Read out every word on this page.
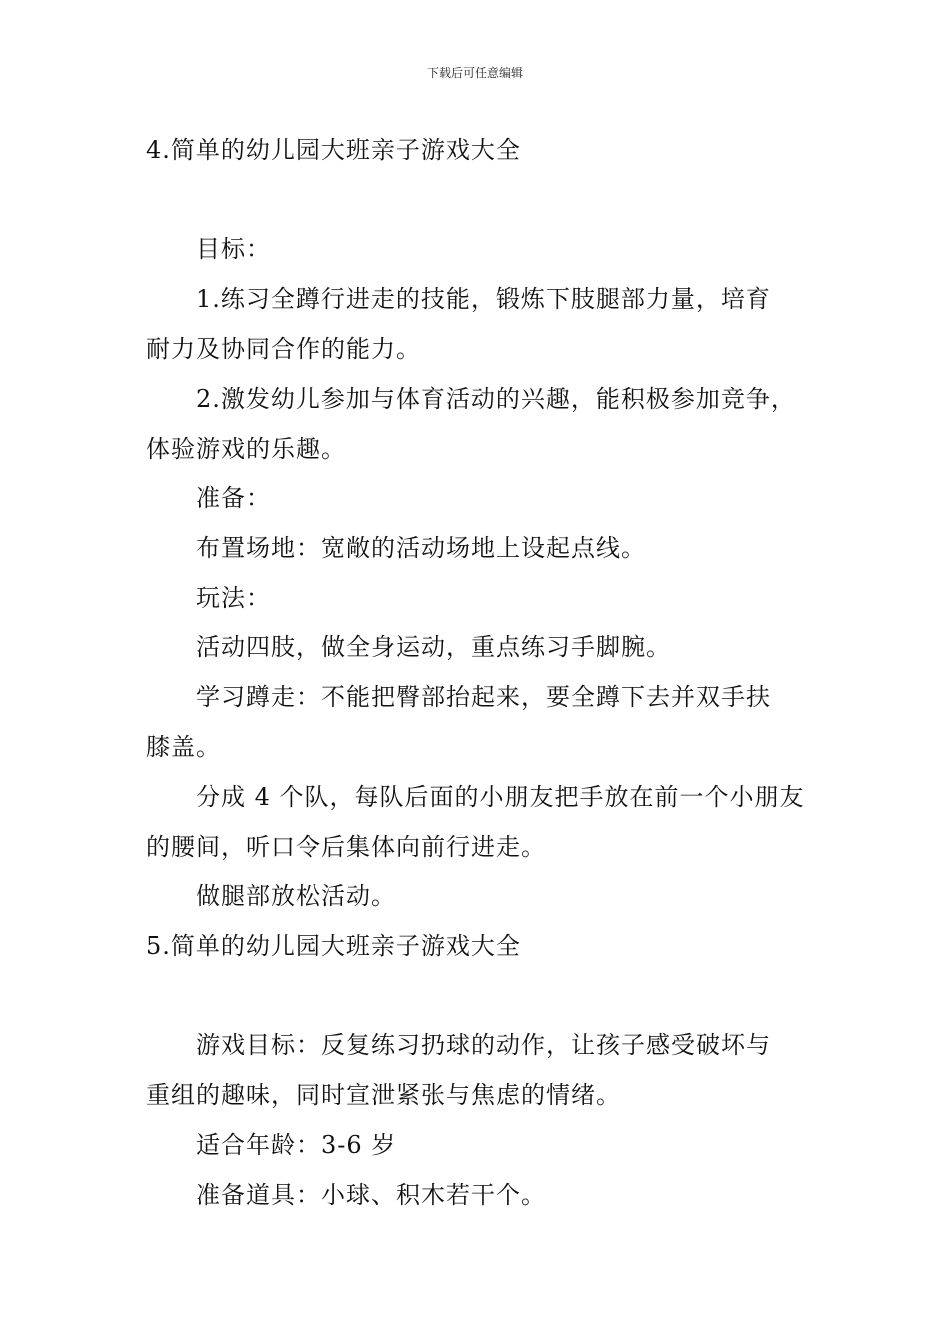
下载后可任意编辑
4.简单的幼儿园大班亲子游戏大全
目标：
1.练习全蹲行进走的技能，锻炼下肢腿部力量，培育
耐力及协同合作的能力。
2.激发幼儿参加与体育活动的兴趣，能积极参加竞争，
体验游戏的乐趣。
准备：
布置场地：宽敞的活动场地上设起点线。
玩法：
活动四肢，做全身运动，重点练习手脚腕。
学习蹲走：不能把臀部抬起来，要全蹲下去并双手扶
膝盖。
分成 4 个队，每队后面的小朋友把手放在前一个小朋友
的腰间，听口令后集体向前行进走。
做腿部放松活动。
5.简单的幼儿园大班亲子游戏大全
游戏目标：反复练习扔球的动作，让孩子感受破坏与
重组的趣味，同时宣泄紧张与焦虑的情绪。
适合年龄：3-6 岁
准备道具：小球、积木若干个。
